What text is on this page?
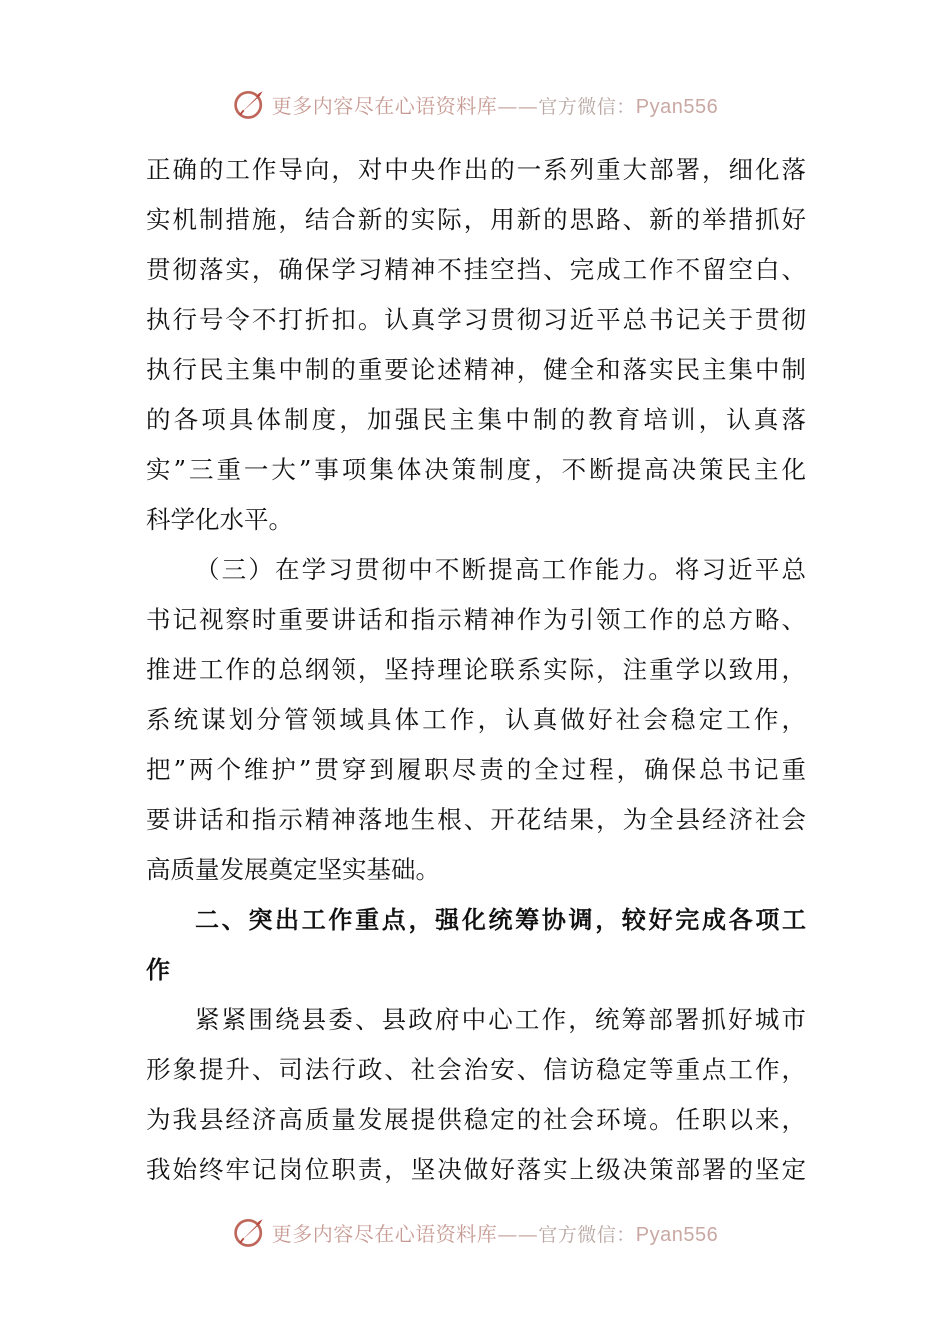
更多内容尽在心语资料库——官方微信：Pyan556
正确的工作导向，对中央作出的一系列重大部署，细化落
实机制措施，结合新的实际，用新的思路、新的举措抓好
贯彻落实，确保学习精神不挂空挡、完成工作不留空白、
执行号令不打折扣。认真学习贯彻习近平总书记关于贯彻
执行民主集中制的重要论述精神，健全和落实民主集中制
的各项具体制度，加强民主集中制的教育培训，认真落
实”三重一大”事项集体决策制度，不断提高决策民主化
科学化水平。
（三）在学习贯彻中不断提高工作能力。将习近平总
书记视察时重要讲话和指示精神作为引领工作的总方略、
推进工作的总纲领，坚持理论联系实际，注重学以致用，
系统谋划分管领域具体工作，认真做好社会稳定工作，
把”两个维护”贯穿到履职尽责的全过程，确保总书记重
要讲话和指示精神落地生根、开花结果，为全县经济社会
高质量发展奠定坚实基础。
二、突出工作重点，强化统筹协调，较好完成各项工
作
紧紧围绕县委、县政府中心工作，统筹部署抓好城市
形象提升、司法行政、社会治安、信访稳定等重点工作，
为我县经济高质量发展提供稳定的社会环境。任职以来，
我始终牢记岗位职责，坚决做好落实上级决策部署的坚定
更多内容尽在心语资料库——官方微信：Pyan556
